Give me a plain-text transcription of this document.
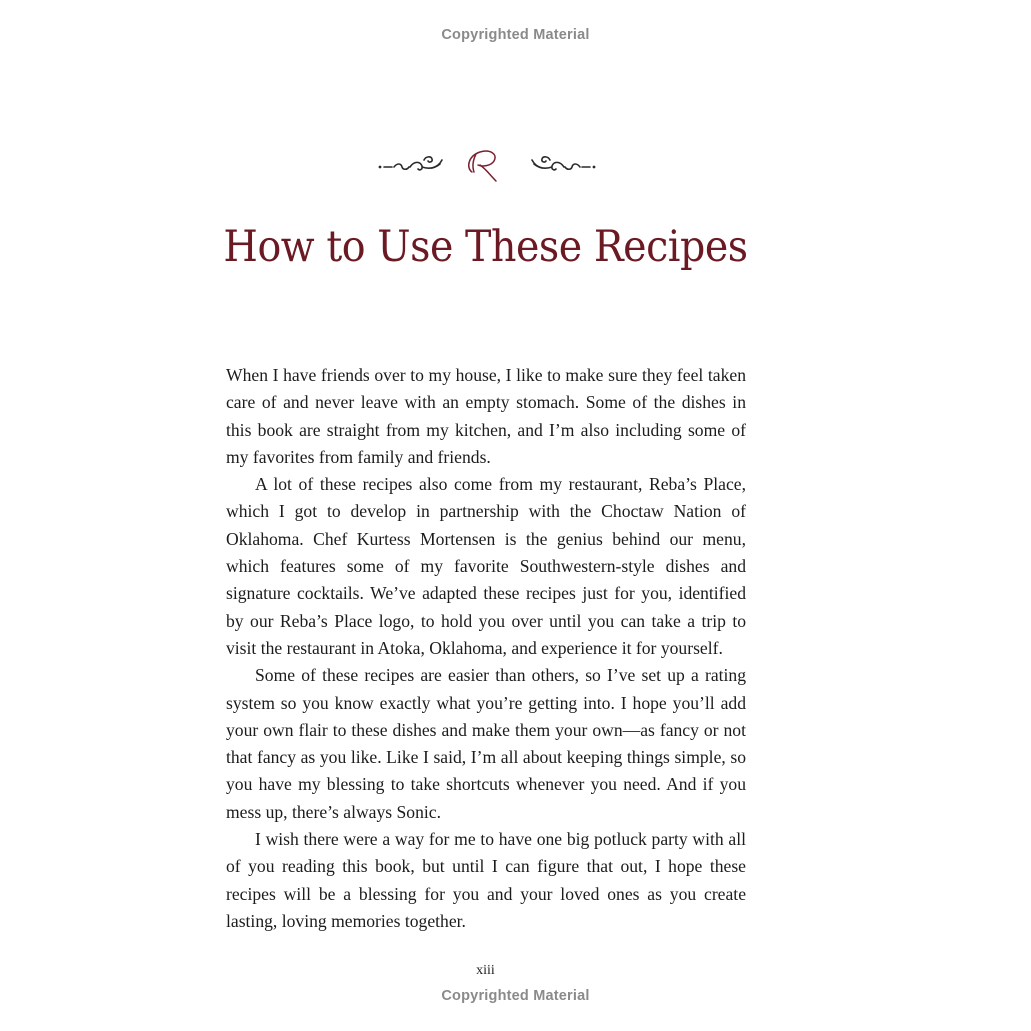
Copyrighted Material
How to Use These Recipes

When I have friends over to my house, I like to make sure they feel taken care of and never leave with an empty stomach. Some of the dishes in this book are straight from my kitchen, and I’m also including some of my favorites from family and friends.

A lot of these recipes also come from my restaurant, Reba’s Place, which I got to develop in partnership with the Choctaw Nation of Oklahoma. Chef Kurtess Mortensen is the genius behind our menu, which features some of my favorite Southwestern-style dishes and signature cocktails. We’ve adapted these recipes just for you, identified by our Reba’s Place logo, to hold you over until you can take a trip to visit the restaurant in Atoka, Oklahoma, and experience it for yourself.

Some of these recipes are easier than others, so I’ve set up a rating system so you know exactly what you’re getting into. I hope you’ll add your own flair to these dishes and make them your own—as fancy or not that fancy as you like. Like I said, I’m all about keeping things simple, so you have my blessing to take shortcuts whenever you need. And if you mess up, there’s always Sonic.

I wish there were a way for me to have one big potluck party with all of you reading this book, but until I can figure that out, I hope these recipes will be a blessing for you and your loved ones as you create lasting, loving memories together.

xiii
Copyrighted Material
